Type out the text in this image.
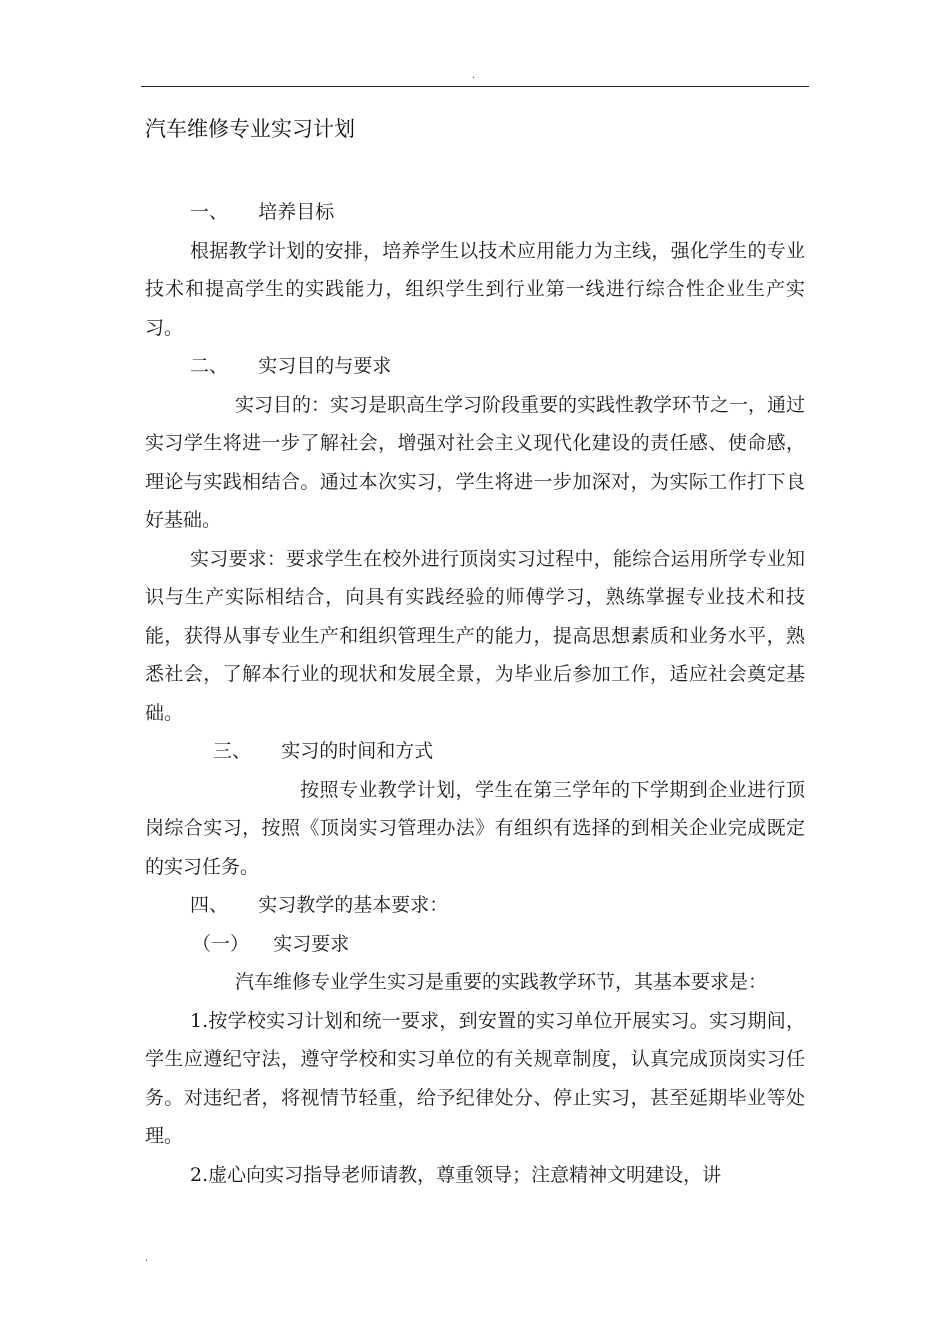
.
汽车维修专业实习计划

一、 培养目标

根据教学计划的安排，培养学生以技术应用能力为主线，强化学生的专业技术和提高学生的实践能力，组织学生到行业第一线进行综合性企业生产实习。

二、 实习目的与要求

实习目的：实习是职高生学习阶段重要的实践性教学环节之一，通过实习学生将进一步了解社会，增强对社会主义现代化建设的责任感、使命感，理论与实践相结合。通过本次实习，学生将进一步加深对，为实际工作打下良好基础。

实习要求：要求学生在校外进行顶岗实习过程中，能综合运用所学专业知识与生产实际相结合，向具有实践经验的师傅学习，熟练掌握专业技术和技能，获得从事专业生产和组织管理生产的能力，提高思想素质和业务水平，熟悉社会，了解本行业的现状和发展全景，为毕业后参加工作，适应社会奠定基础。

三、 实习的时间和方式

按照专业教学计划，学生在第三学年的下学期到企业进行顶岗综合实习，按照《顶岗实习管理办法》有组织有选择的到相关企业完成既定的实习任务。

四、 实习教学的基本要求：

（一） 实习要求

汽车维修专业学生实习是重要的实践教学环节，其基本要求是：

1.按学校实习计划和统一要求，到安置的实习单位开展实习。实习期间，学生应遵纪守法，遵守学校和实习单位的有关规章制度，认真完成顶岗实习任务。对违纪者，将视情节轻重，给予纪律处分、停止实习，甚至延期毕业等处理。

2.虚心向实习指导老师请教，尊重领导；注意精神文明建设，讲

.
